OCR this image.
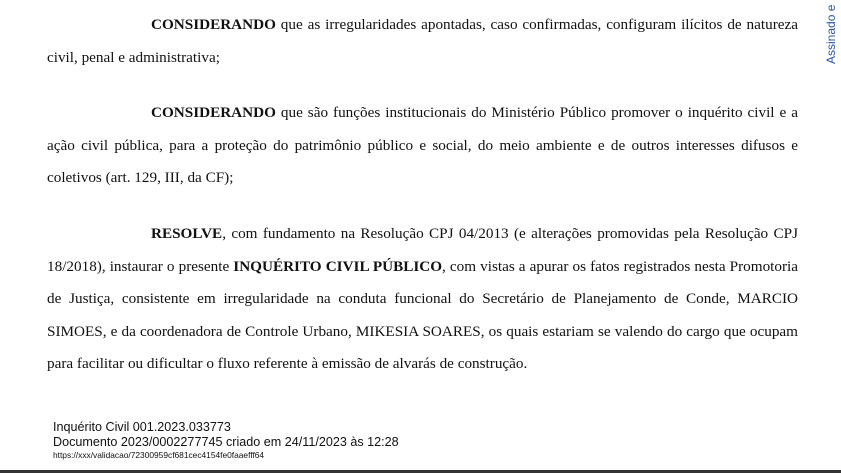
CONSIDERANDO que as irregularidades apontadas, caso confirmadas, configuram ilícitos de natureza civil, penal e administrativa;

CONSIDERANDO que são funções institucionais do Ministério Público promover o inquérito civil e a ação civil pública, para a proteção do patrimônio público e social, do meio ambiente e de outros interesses difusos e coletivos (art. 129, III, da CF);

RESOLVE, com fundamento na Resolução CPJ 04/2013 (e alterações promovidas pela Resolução CPJ 18/2018), instaurar o presente INQUÉRITO CIVIL PÚBLICO, com vistas a apurar os fatos registrados nesta Promotoria de Justiça, consistente em irregularidade na conduta funcional do Secretário de Planejamento de Conde, MARCIO SIMOES, e da coordenadora de Controle Urbano, MIKESIA SOARES, os quais estariam se valendo do cargo que ocupam para facilitar ou dificultar o fluxo referente à emissão de alvarás de construção.

Inquérito Civil 001.2023.033773
Documento 2023/0002277745 criado em 24/11/2023 às 12:28
https://xxx/validacao/72300959cf681cec4154fe0faaefff64
Assinado e
